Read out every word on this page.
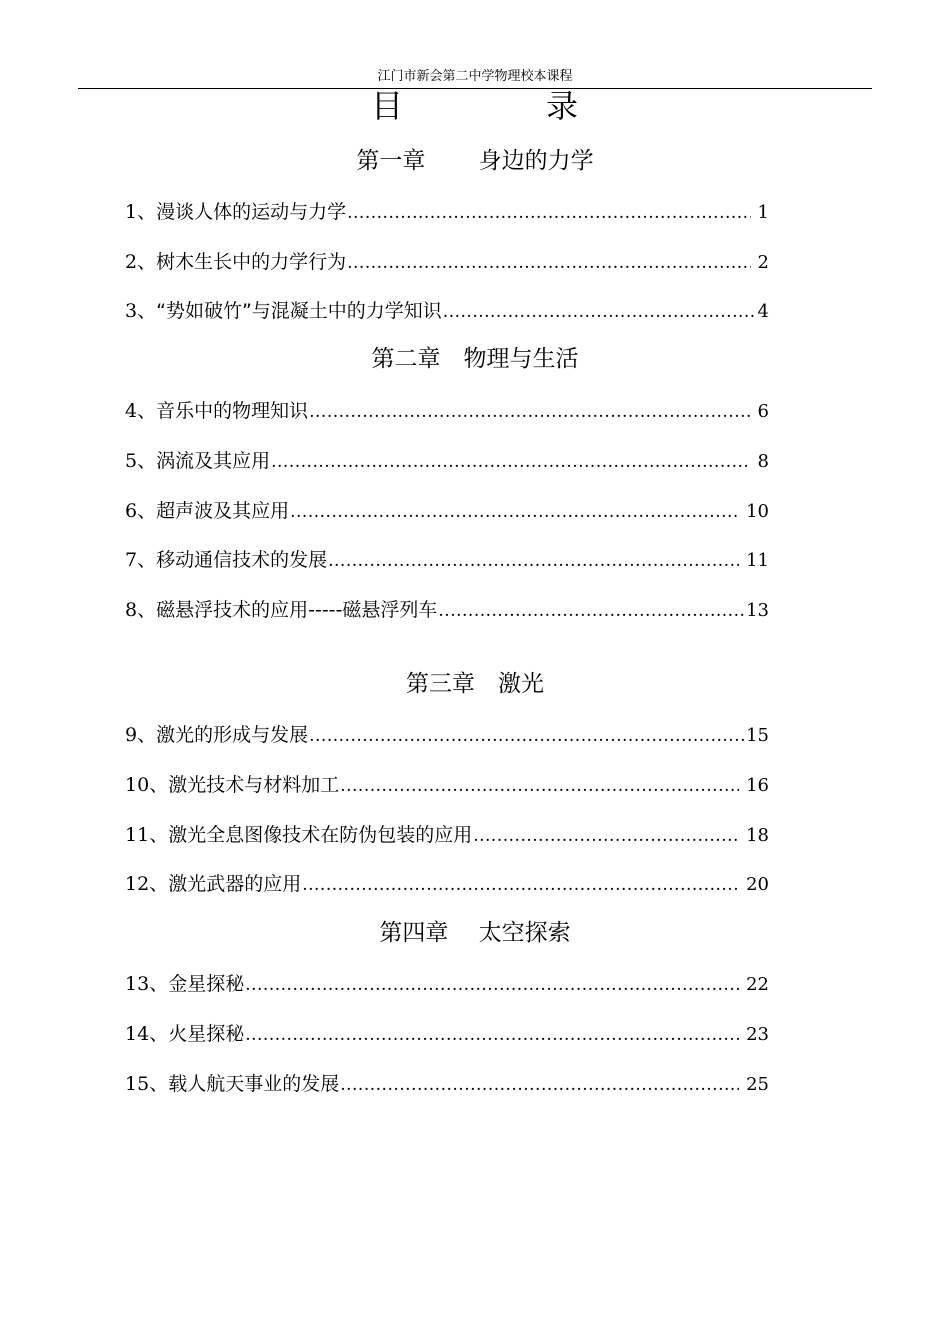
江门市新会第二中学物理校本课程
目	录
第一章　　 身边的力学
1、漫谈人体的运动与力学 .....	1
2、树木生长中的力学行为 .....	2
3、“势如破竹”与混凝土中的力学知识 .....	4
第二章　物理与生活
4、音乐中的物理知识 .....	6
5、涡流及其应用 .....	8
6、超声波及其应用 .....	10
7、移动通信技术的发展 .....	11
8、磁悬浮技术的应用-----磁悬浮列车 .....	13
第三章　激光
9、激光的形成与发展 .....	15
10、激光技术与材料加工 .....	16
11、激光全息图像技术在防伪包装的应用 .....	18
12、激光武器的应用 .....	20
第四章　 太空探索
13、金星探秘 .....	22
14、火星探秘 .....	23
15、载人航天事业的发展 .....	25
